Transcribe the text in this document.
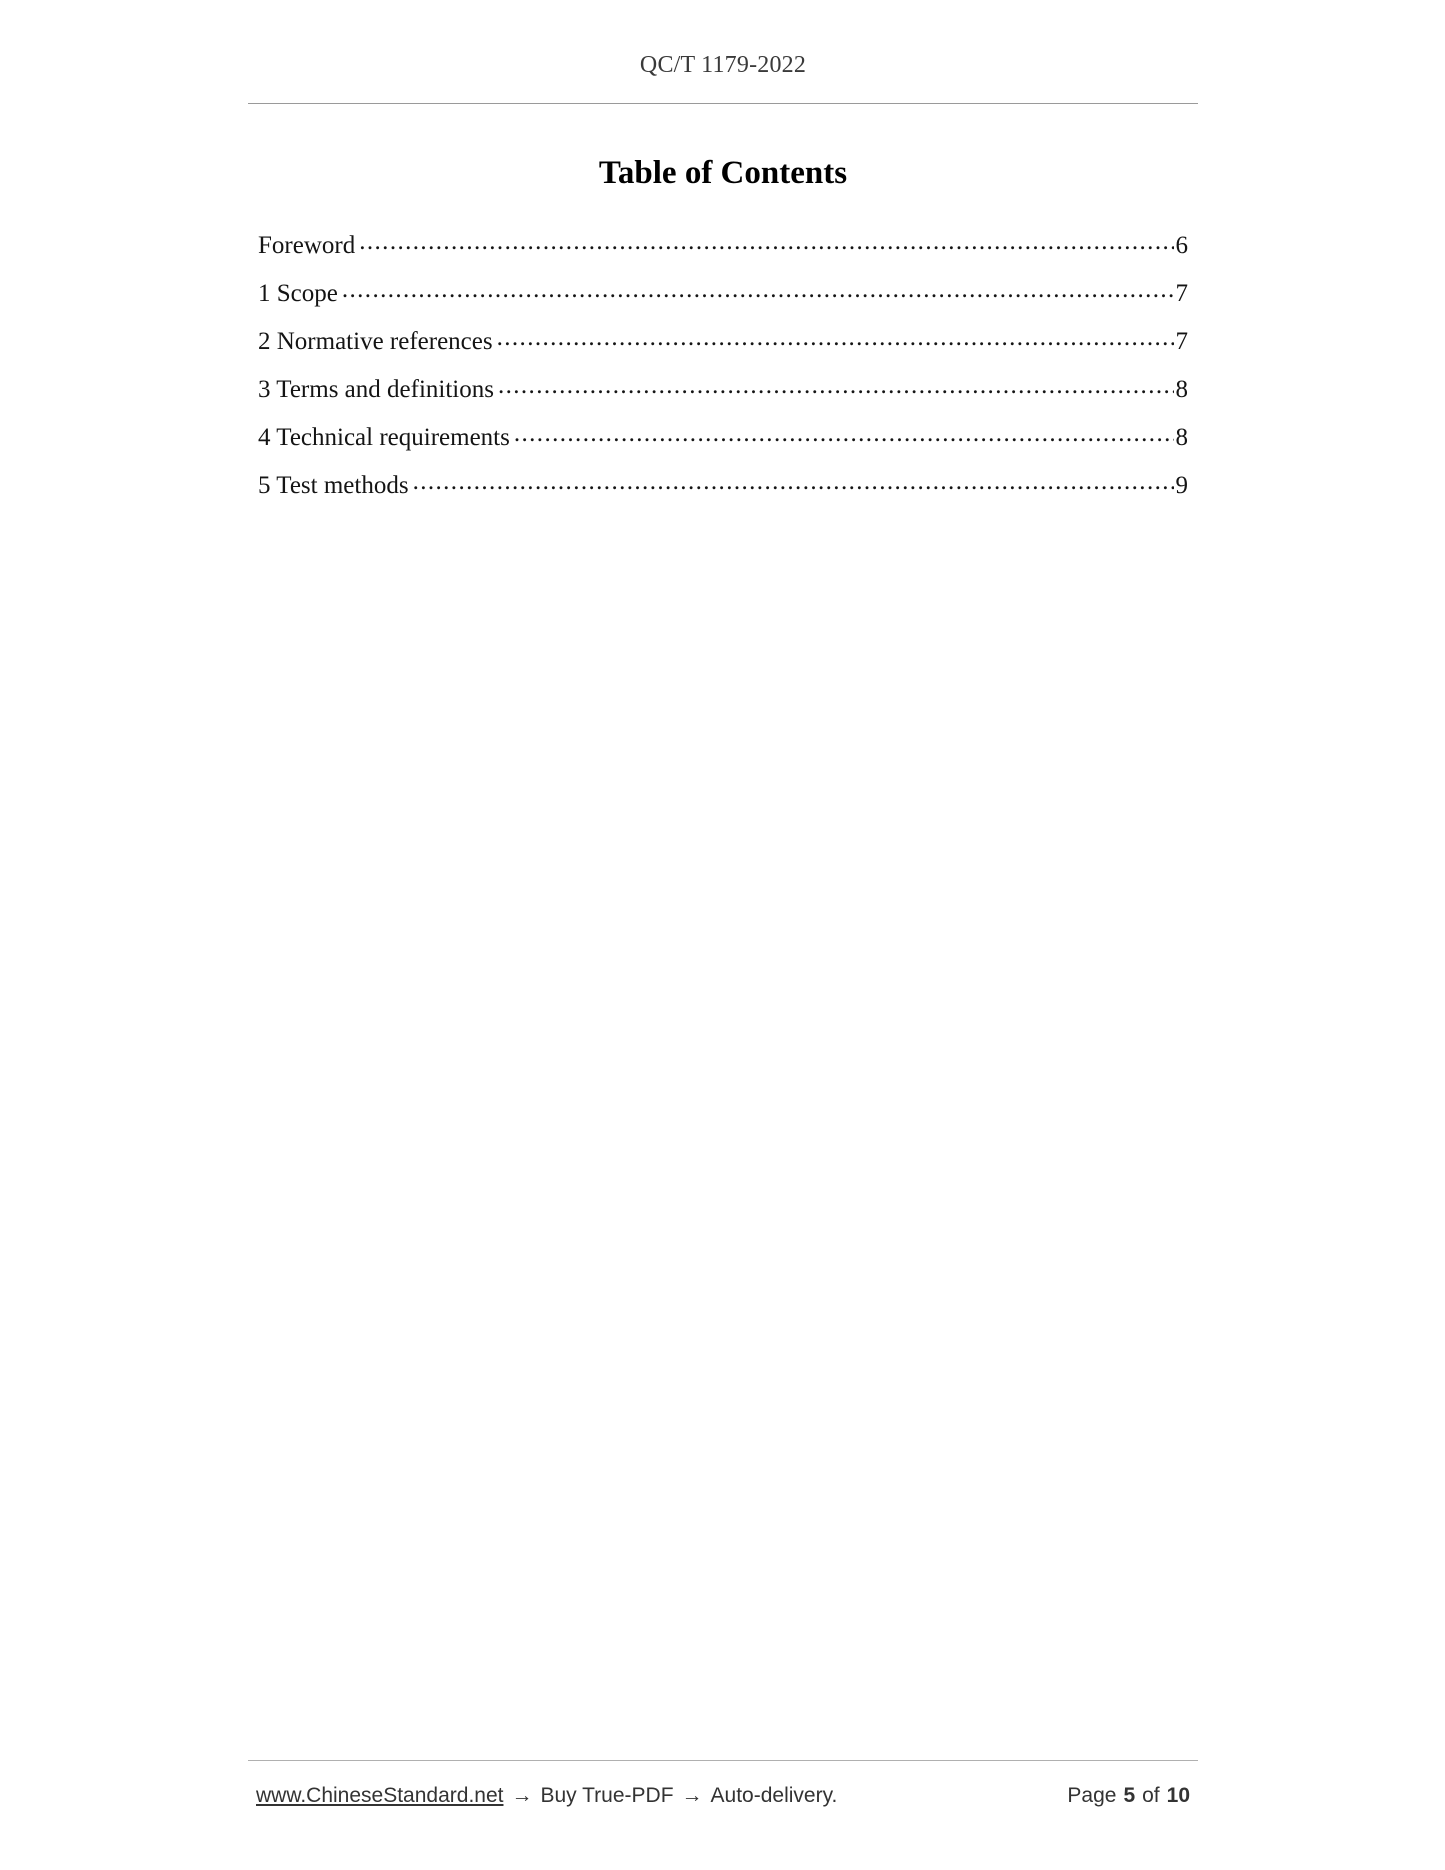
QC/T 1179-2022
Table of Contents
Foreword .....	6
1 Scope .....	7
2 Normative references .....	7
3 Terms and definitions .....	8
4 Technical requirements .....	8
5 Test methods .....	9
www.ChineseStandard.net → Buy True-PDF → Auto-delivery.	Page 5 of 10
